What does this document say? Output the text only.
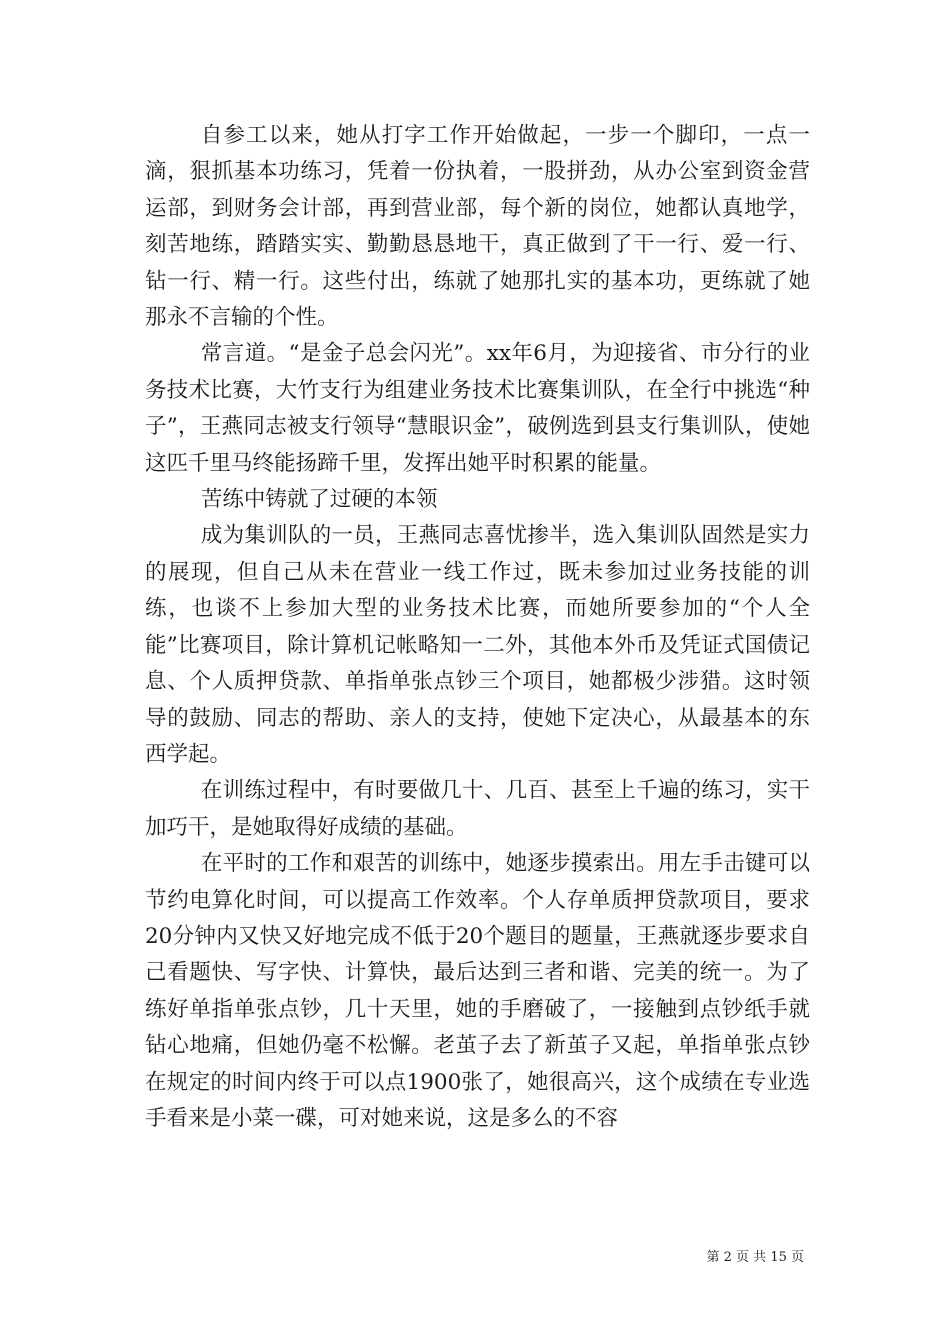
自参工以来，她从打字工作开始做起，一步一个脚印，一点一滴，狠抓基本功练习，凭着一份执着，一股拼劲，从办公室到资金营运部，到财务会计部，再到营业部，每个新的岗位，她都认真地学，刻苦地练，踏踏实实、勤勤恳恳地干，真正做到了干一行、爱一行、钻一行、精一行。这些付出，练就了她那扎实的基本功，更练就了她那永不言输的个性。

常言道。“是金子总会闪光”。xx年6月，为迎接省、市分行的业务技术比赛，大竹支行为组建业务技术比赛集训队，在全行中挑选“种子”，王燕同志被支行领导“慧眼识金”，破例选到县支行集训队，使她这匹千里马终能扬蹄千里，发挥出她平时积累的能量。

苦练中铸就了过硬的本领

成为集训队的一员，王燕同志喜忧掺半，选入集训队固然是实力的展现，但自己从未在营业一线工作过，既未参加过业务技能的训练，也谈不上参加大型的业务技术比赛，而她所要参加的“个人全能”比赛项目，除计算机记帐略知一二外，其他本外币及凭证式国债记息、个人质押贷款、单指单张点钞三个项目，她都极少涉猎。这时领导的鼓励、同志的帮助、亲人的支持，使她下定决心，从最基本的东西学起。

在训练过程中，有时要做几十、几百、甚至上千遍的练习，实干加巧干，是她取得好成绩的基础。

在平时的工作和艰苦的训练中，她逐步摸索出。用左手击键可以节约电算化时间，可以提高工作效率。个人存单质押贷款项目，要求20分钟内又快又好地完成不低于20个题目的题量，王燕就逐步要求自己看题快、写字快、计算快，最后达到三者和谐、完美的统一。为了练好单指单张点钞，几十天里，她的手磨破了，一接触到点钞纸手就钻心地痛，但她仍毫不松懈。老茧子去了新茧子又起，单指单张点钞在规定的时间内终于可以点1900张了，她很高兴，这个成绩在专业选手看来是小菜一碟，可对她来说，这是多么的不容

第 2 页 共 15 页
